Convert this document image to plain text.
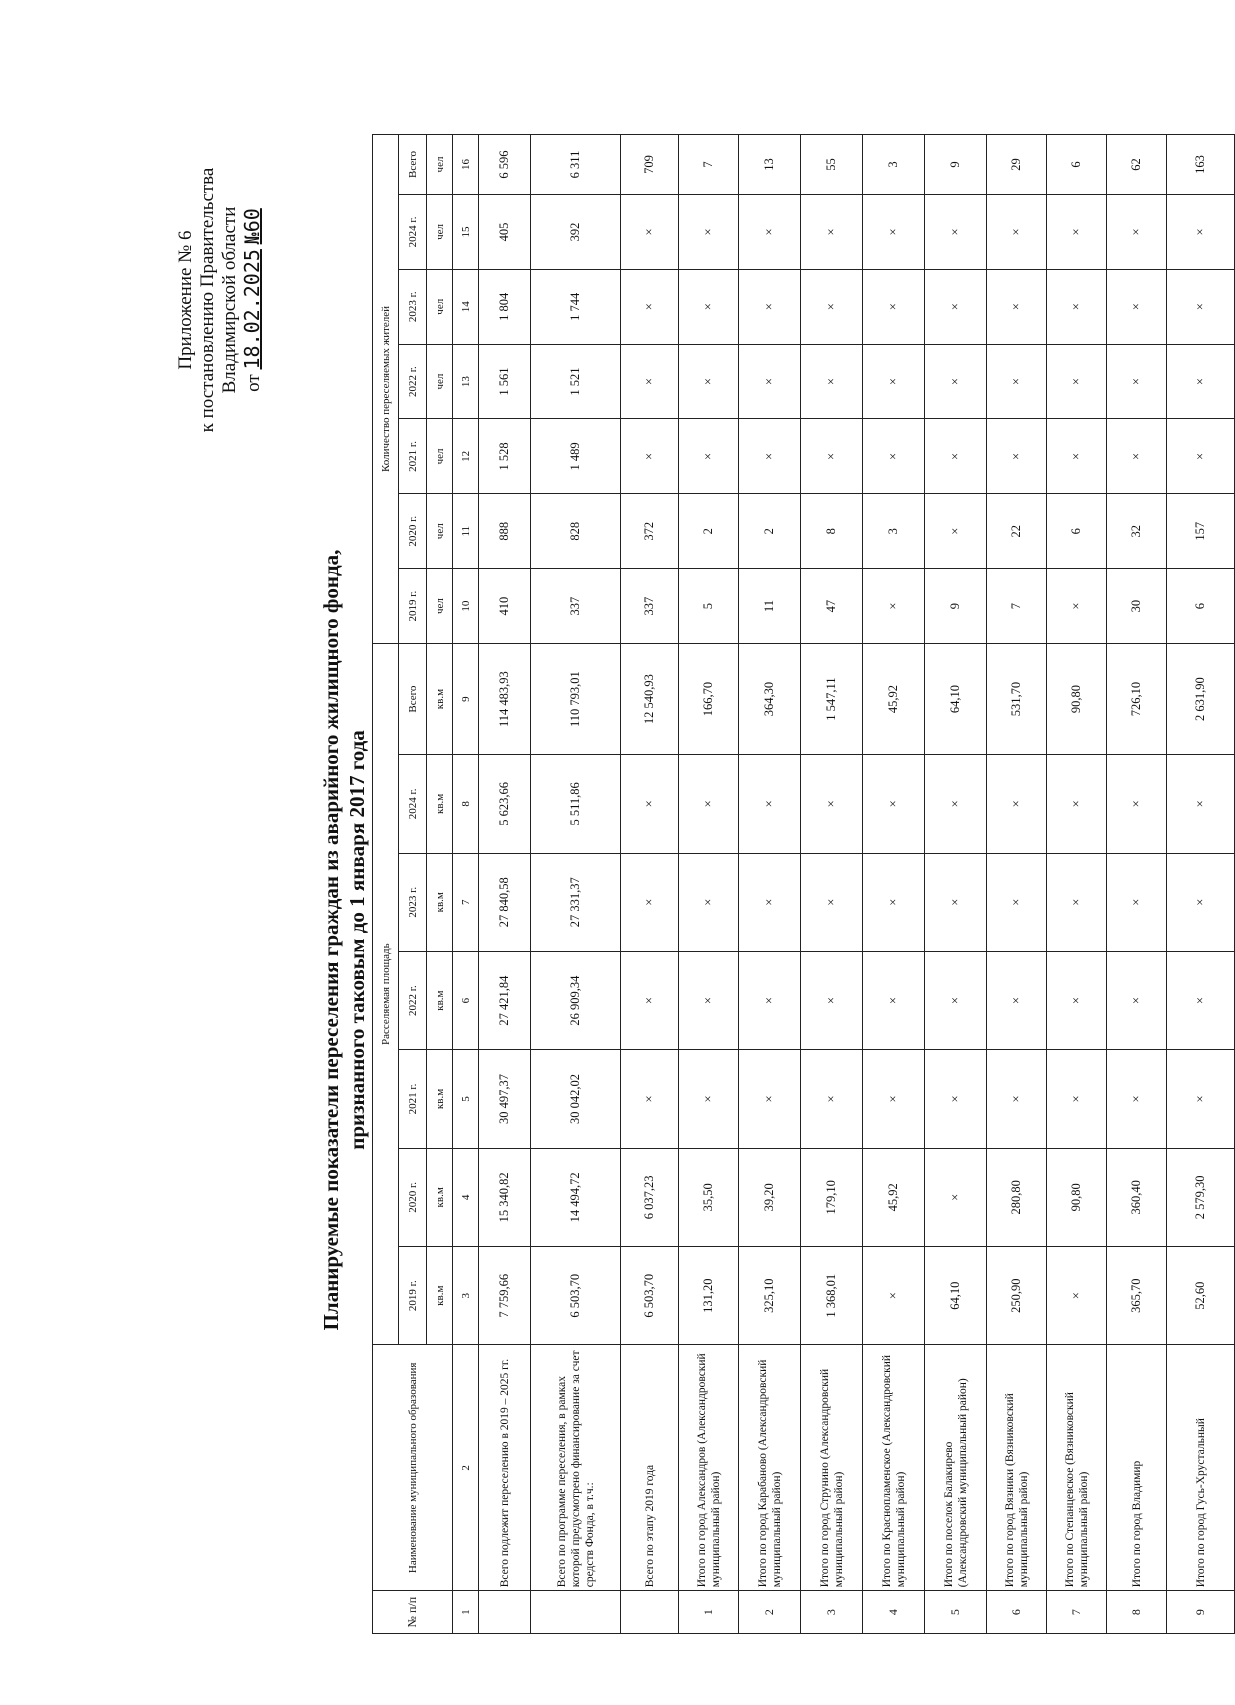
Приложение № 6 к постановлению Правительства Владимирской области от 18.02.2025 №60
Планируемые показатели переселения граждан из аварийного жилищного фонда, признанного таковым до 1 января 2017 года
№ п/п	Наименование муниципального образования	Расселяемая площадь							Количество переселяемых жителей						
		2019 г.	2020 г.	2021 г.	2022 г.	2023 г.	2024 г.	Всего	2019 г.	2020 г.	2021 г.	2022 г.	2023 г.	2024 г.	Всего
		кв.м	кв.м	кв.м	кв.м	кв.м	кв.м	кв.м	чел	чел	чел	чел	чел	чел	чел
1	2	3	4	5	6	7	8	9	10	11	12	13	14	15	16
	Всего подлежит переселению в 2019 – 2025 гг.	7 759,66	15 340,82	30 497,37	27 421,84	27 840,58	5 623,66	114 483,93	410	888	1 528	1 561	1 804	405	6 596
	Всего по программе переселения, в рамках которой предусмотрено финансирование за счет средств Фонда, в т.ч.:	6 503,70	14 494,72	30 042,02	26 909,34	27 331,37	5 511,86	110 793,01	337	828	1 489	1 521	1 744	392	6 311
	Всего по этапу 2019 года	6 503,70	6 037,23	×	×	×	×	12 540,93	337	372	×	×	×	×	709
1	Итого по город Александров (Александровский муниципальный район)	131,20	35,50	×	×	×	×	166,70	5	2	×	×	×	×	7
2	Итого по город Карабаново (Александровский муниципальный район)	325,10	39,20	×	×	×	×	364,30	11	2	×	×	×	×	13
3	Итого по город Струнино (Александровский муниципальный район)	1 368,01	179,10	×	×	×	×	1 547,11	47	8	×	×	×	×	55
4	Итого по Краснопламенское (Александровский муниципальный район)	×	45,92	×	×	×	×	45,92	×	3	×	×	×	×	3
5	Итого по поселок Балакирево (Александровский муниципальный район)	64,10	×	×	×	×	×	64,10	9	×	×	×	×	×	9
6	Итого по город Вязники (Вязниковский муниципальный район)	250,90	280,80	×	×	×	×	531,70	7	22	×	×	×	×	29
7	Итого по Степанцевское (Вязниковский муниципальный район)	×	90,80	×	×	×	×	90,80	×	6	×	×	×	×	6
8	Итого по город Владимир	365,70	360,40	×	×	×	×	726,10	30	32	×	×	×	×	62
9	Итого по город Гусь-Хрустальный	52,60	2 579,30	×	×	×	×	2 631,90	6	157	×	×	×	×	163
